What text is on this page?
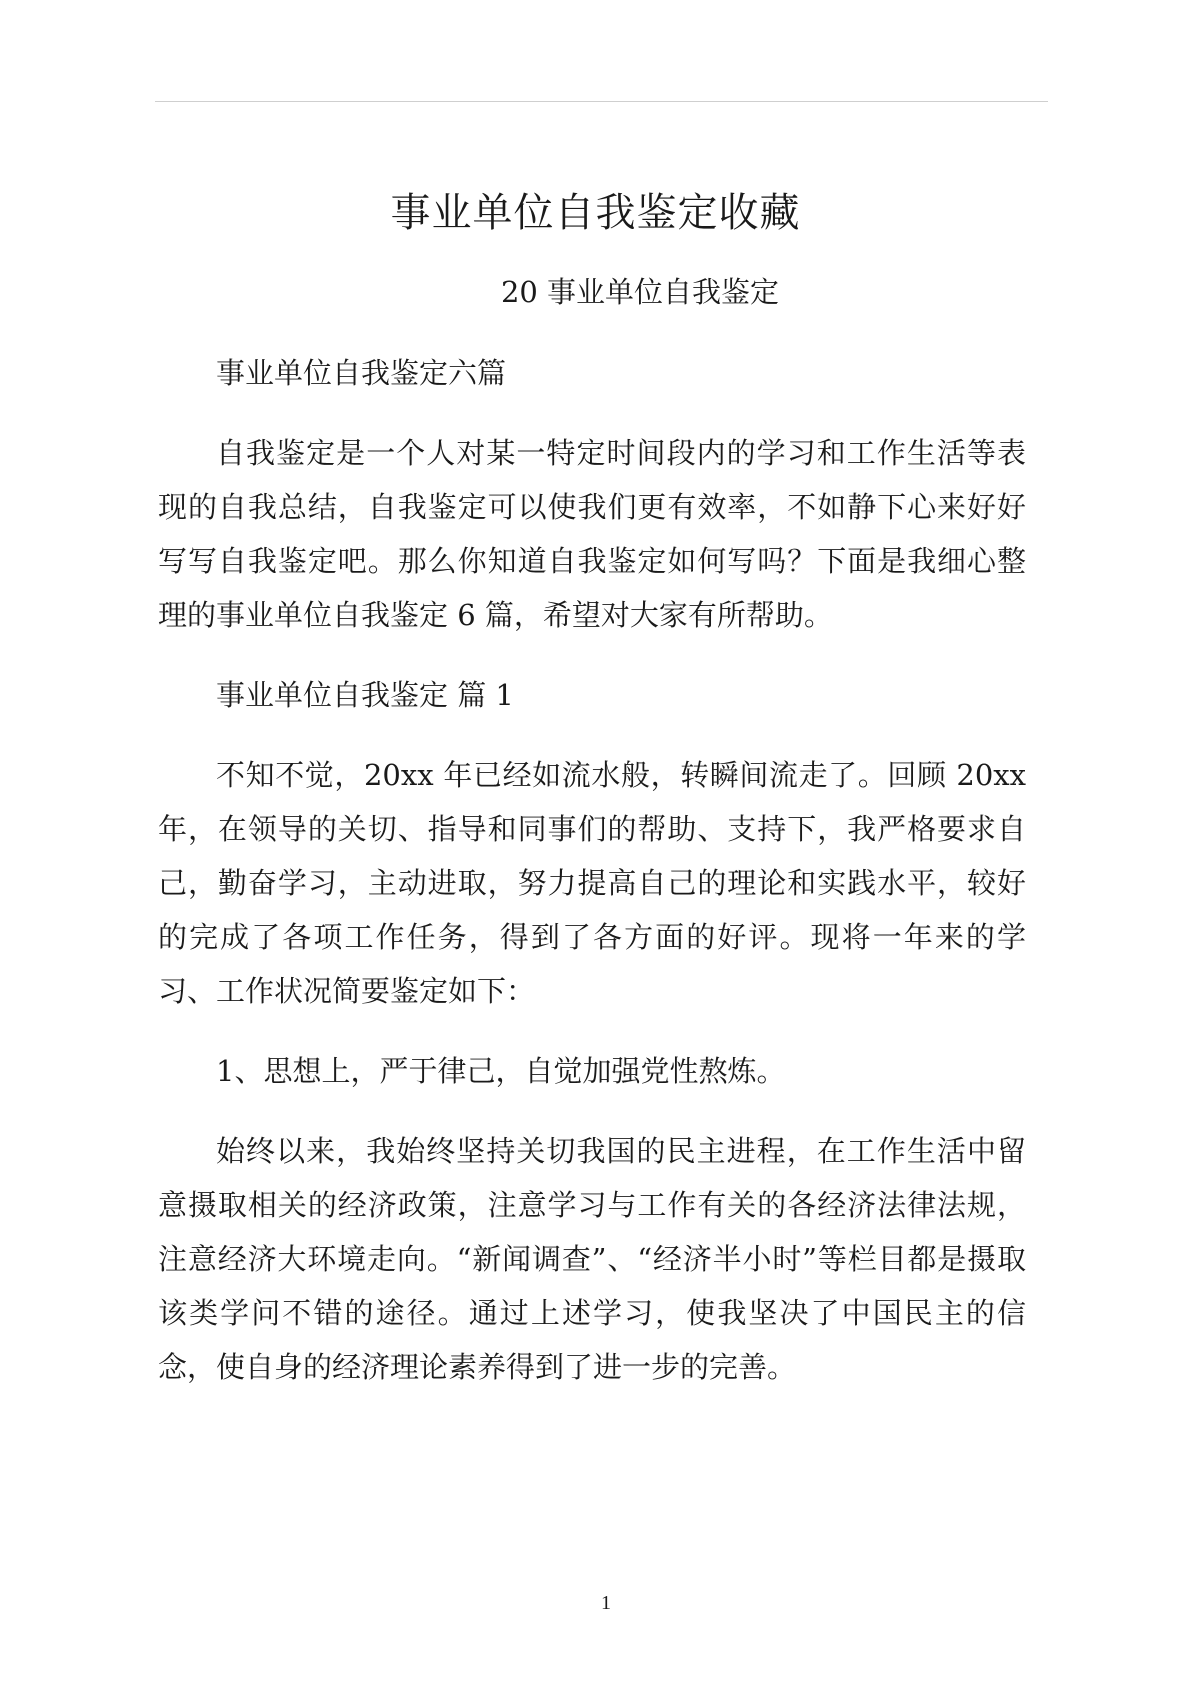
事业单位自我鉴定收藏
20 事业单位自我鉴定

事业单位自我鉴定六篇

自我鉴定是一个人对某一特定时间段内的学习和工作生活等表现的自我总结，自我鉴定可以使我们更有效率，不如静下心来好好写写自我鉴定吧。那么你知道自我鉴定如何写吗？下面是我细心整理的事业单位自我鉴定 6 篇，希望对大家有所帮助。

事业单位自我鉴定 篇 1

不知不觉，20xx 年已经如流水般，转瞬间流走了。回顾 20xx 年，在领导的关切、指导和同事们的帮助、支持下，我严格要求自己，勤奋学习，主动进取，努力提高自己的理论和实践水平，较好的完成了各项工作任务，得到了各方面的好评。现将一年来的学习、工作状况简要鉴定如下：

1、思想上，严于律己，自觉加强党性熬炼。

始终以来，我始终坚持关切我国的民主进程，在工作生活中留意摄取相关的经济政策，注意学习与工作有关的各经济法律法规，注意经济大环境走向。“新闻调查”、“经济半小时”等栏目都是摄取该类学问不错的途径。通过上述学习，使我坚决了中国民主的信念，使自身的经济理论素养得到了进一步的完善。

1
